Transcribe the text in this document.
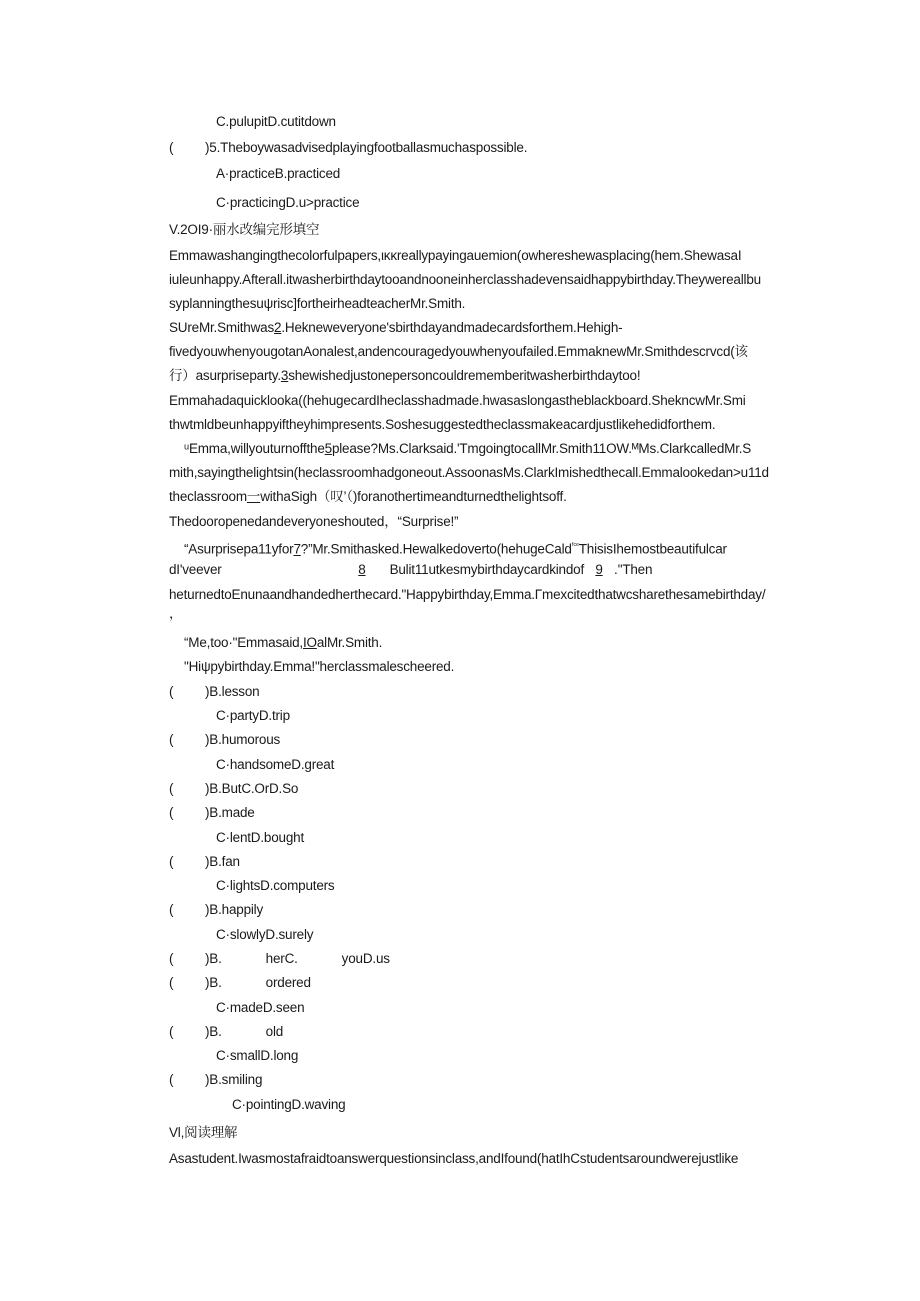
C.pulupitD.cutitdown
( )5.Theboywasadvisedplayingfootballasmuchaspossible.
A·practiceB.practiced
C·practicingD.u>practice
V.2OI9·丽水改编完形填空
Emmawashangingthecolorfulpapers,ικκreallypayingauemion(owhereshewasplacing(hem.ShewasaI
iuleunhappy.Afterall.itwasherbirthdaytooandnooneinherclasshadevensaidhappybirthday.Theywereallbu
syplanningthesuψrisc]fortheirheadteacherMr.Smith.
SUreMr.Smithwas2.Hekneweveryone'sbirthdayandmadecardsforthem.Hehigh-
fivedyouwhenyougotanAonalest,andencouragedyouwhenyoufailed.EmmaknewMr.Smithdescrvcd(该
行）asurpriseparty.3shewishedjustonepersoncouldrememberitwasherbirthdaytoo!
Emmahadaquicklooka((hehugecardIheclasshadmade.hwasaslongastheblackboard.ShekncwMr.Smi
thwtmldbeunhappyiftheyhimpresents.Soshesuggestedtheclassmakeacardjustlikehedidforthem.
ᵘEmma,willyouturnoffthe5please?Ms.Clarksaid.'TmgoingtocallMr.Smith11OW.ᴹMs.ClarkcalledMr.S
mith,sayingthelightsin(heclassroomhadgoneout.AssoonasMs.ClarkImishedthecall.Emmalookedan>u11d
theclassroom一withaSigh（叹’（)foranothertimeandturnedthelightsoff.
Thedooropenedandeveryoneshouted，“Surprise!”
“Asurprisepa11yfor7?”Mr.Smithasked.Hewalkedoverto(hehugeCald$^{ᶠᶜᵉ}$ThisisIhemostbeautifulcar
dI'veever	8 Bulit11utkesmybirthdaycardkindof 9 .''Then
heturnedtoEnunaandhandedherthecard."Happybirthday,Emma.Γmexcitedthatwcsharethesamebirthday/
，
“Me,too·"Emmasaid,IOalMr.Smith.
"Hiψpybirthday.Emma!"herclassmalescheered.
( )B.lesson
C·partyD.trip
( )B.humorous
C·handsomeD.great
( )B.ButC.OrD.So
( )B.made
C·lentD.bought
( )B.fan
C·lightsD.computers
( )B.happily
C·slowlyD.surely
( )B.	herC.	youD.us
( )B.	ordered
C·madeD.seen
( )B.	old
C·smallD.long
( )B.smiling
C·pointingD.waving
Vl,阅读理解
Asastudent.Iwasmostafraidtoanswerquestionsinclass,andIfound(hatIhCstudentsaroundwerejustlike
